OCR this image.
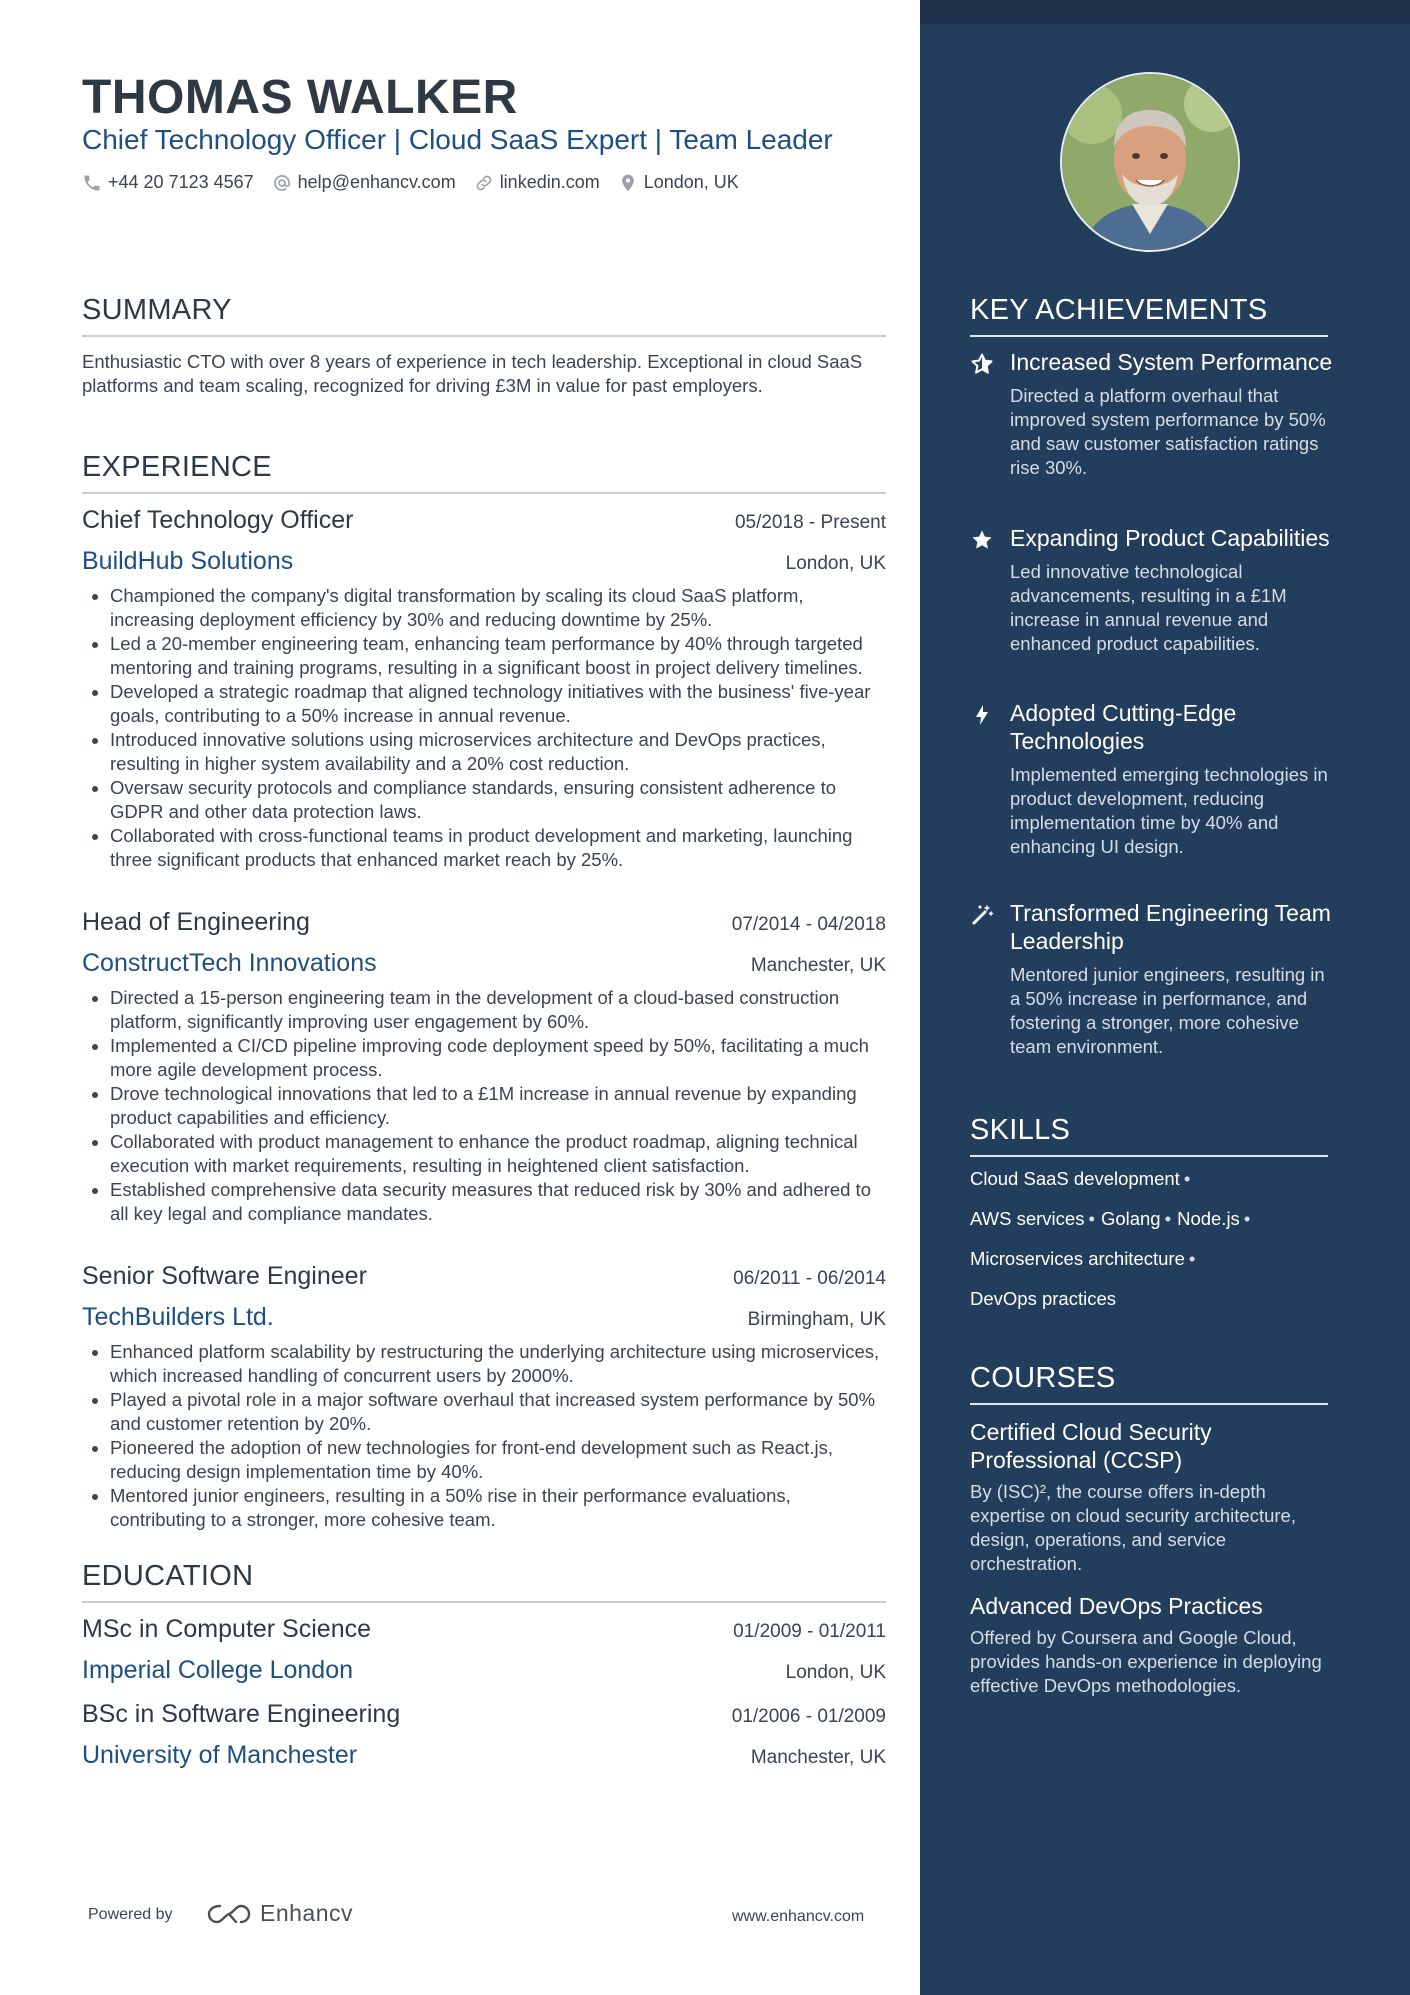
THOMAS WALKER
Chief Technology Officer | Cloud SaaS Expert | Team Leader
+44 20 7123 4567 help@enhancv.com linkedin.com London, UK
SUMMARY

Enthusiastic CTO with over 8 years of experience in tech leadership. Exceptional in cloud SaaS platforms and team scaling, recognized for driving £3M in value for past employers.

EXPERIENCE
Chief Technology Officer	05/2018 - Present
BuildHub Solutions	London, UK
• Championed the company's digital transformation by scaling its cloud SaaS platform, increasing deployment efficiency by 30% and reducing downtime by 25%.
• Led a 20-member engineering team, enhancing team performance by 40% through targeted mentoring and training programs, resulting in a significant boost in project delivery timelines.
• Developed a strategic roadmap that aligned technology initiatives with the business' five-year goals, contributing to a 50% increase in annual revenue.
• Introduced innovative solutions using microservices architecture and DevOps practices, resulting in higher system availability and a 20% cost reduction.
• Oversaw security protocols and compliance standards, ensuring consistent adherence to GDPR and other data protection laws.
• Collaborated with cross-functional teams in product development and marketing, launching three significant products that enhanced market reach by 25%.
Head of Engineering	07/2014 - 04/2018
ConstructTech Innovations	Manchester, UK
• Directed a 15-person engineering team in the development of a cloud-based construction platform, significantly improving user engagement by 60%.
• Implemented a CI/CD pipeline improving code deployment speed by 50%, facilitating a much more agile development process.
• Drove technological innovations that led to a £1M increase in annual revenue by expanding product capabilities and efficiency.
• Collaborated with product management to enhance the product roadmap, aligning technical execution with market requirements, resulting in heightened client satisfaction.
• Established comprehensive data security measures that reduced risk by 30% and adhered to all key legal and compliance mandates.
Senior Software Engineer	06/2011 - 06/2014
TechBuilders Ltd.	Birmingham, UK
• Enhanced platform scalability by restructuring the underlying architecture using microservices, which increased handling of concurrent users by 2000%.
• Played a pivotal role in a major software overhaul that increased system performance by 50% and customer retention by 20%.
• Pioneered the adoption of new technologies for front-end development such as React.js, reducing design implementation time by 40%.
• Mentored junior engineers, resulting in a 50% rise in their performance evaluations, contributing to a stronger, more cohesive team.
EDUCATION
MSc in Computer Science	01/2009 - 01/2011
Imperial College London	London, UK
BSc in Software Engineering	01/2006 - 01/2009
University of Manchester	Manchester, UK
Powered by	Enhancv	www.enhancv.com
KEY ACHIEVEMENTS
Increased System Performance
Directed a platform overhaul that improved system performance by 50% and saw customer satisfaction ratings rise 30%.
Expanding Product Capabilities
Led innovative technological advancements, resulting in a £1M increase in annual revenue and enhanced product capabilities.
Adopted Cutting-Edge Technologies
Implemented emerging technologies in product development, reducing implementation time by 40% and enhancing UI design.
Transformed Engineering Team Leadership
Mentored junior engineers, resulting in a 50% increase in performance, and fostering a stronger, more cohesive team environment.
SKILLS
Cloud SaaS development •
AWS services • Golang • Node.js •
Microservices architecture •
DevOps practices
COURSES
Certified Cloud Security Professional (CCSP)
By (ISC)², the course offers in-depth expertise on cloud security architecture, design, operations, and service orchestration.
Advanced DevOps Practices
Offered by Coursera and Google Cloud, provides hands-on experience in deploying effective DevOps methodologies.
